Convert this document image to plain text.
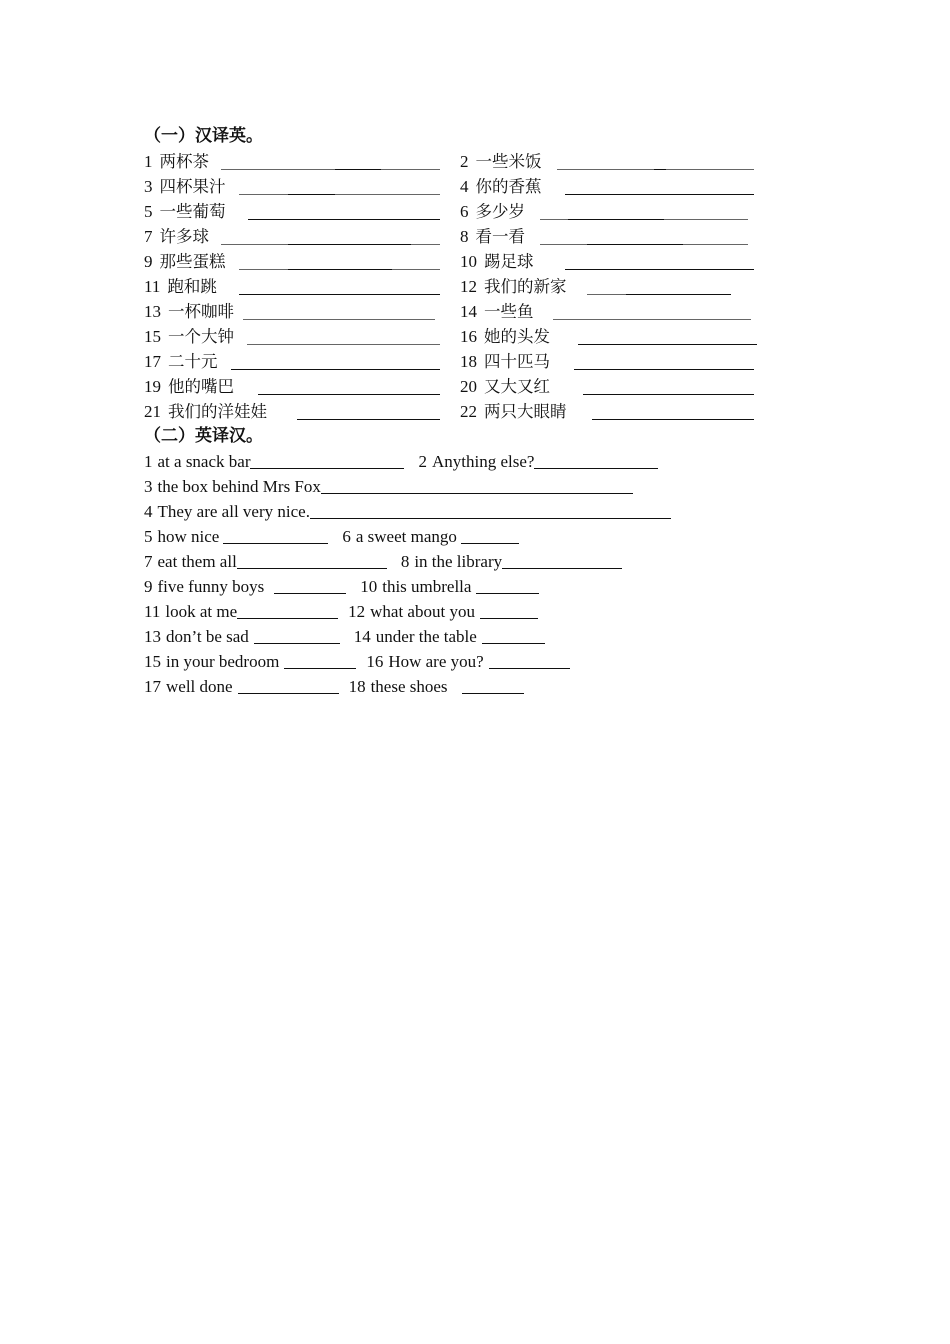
（一）汉译英。
1 两杯茶	2 一些米饭
3 四杯果汁	4 你的香蕉
5 一些葡萄	6 多少岁
7 许多球	8 看一看
9 那些蛋糕	10 踢足球
11 跑和跳	12 我们的新家
13 一杯咖啡	14 一些鱼
15 一个大钟	16 她的头发
17 二十元	18 四十匹马
19 他的嘴巴	20 又大又红
21 我们的洋娃娃	22 两只大眼睛
（二）英译汉。
1 at a snack bar	2 Anything else?
3 the box behind Mrs Fox
4 They are all very nice.
5 how nice	6 a sweet mango
7 eat them all	8 in the library
9 five funny boys	10 this umbrella
11 look at me	12 what about you
13 don’t be sad	14 under the table
15 in your bedroom	16 How are you?
17 well done	18 these shoes
